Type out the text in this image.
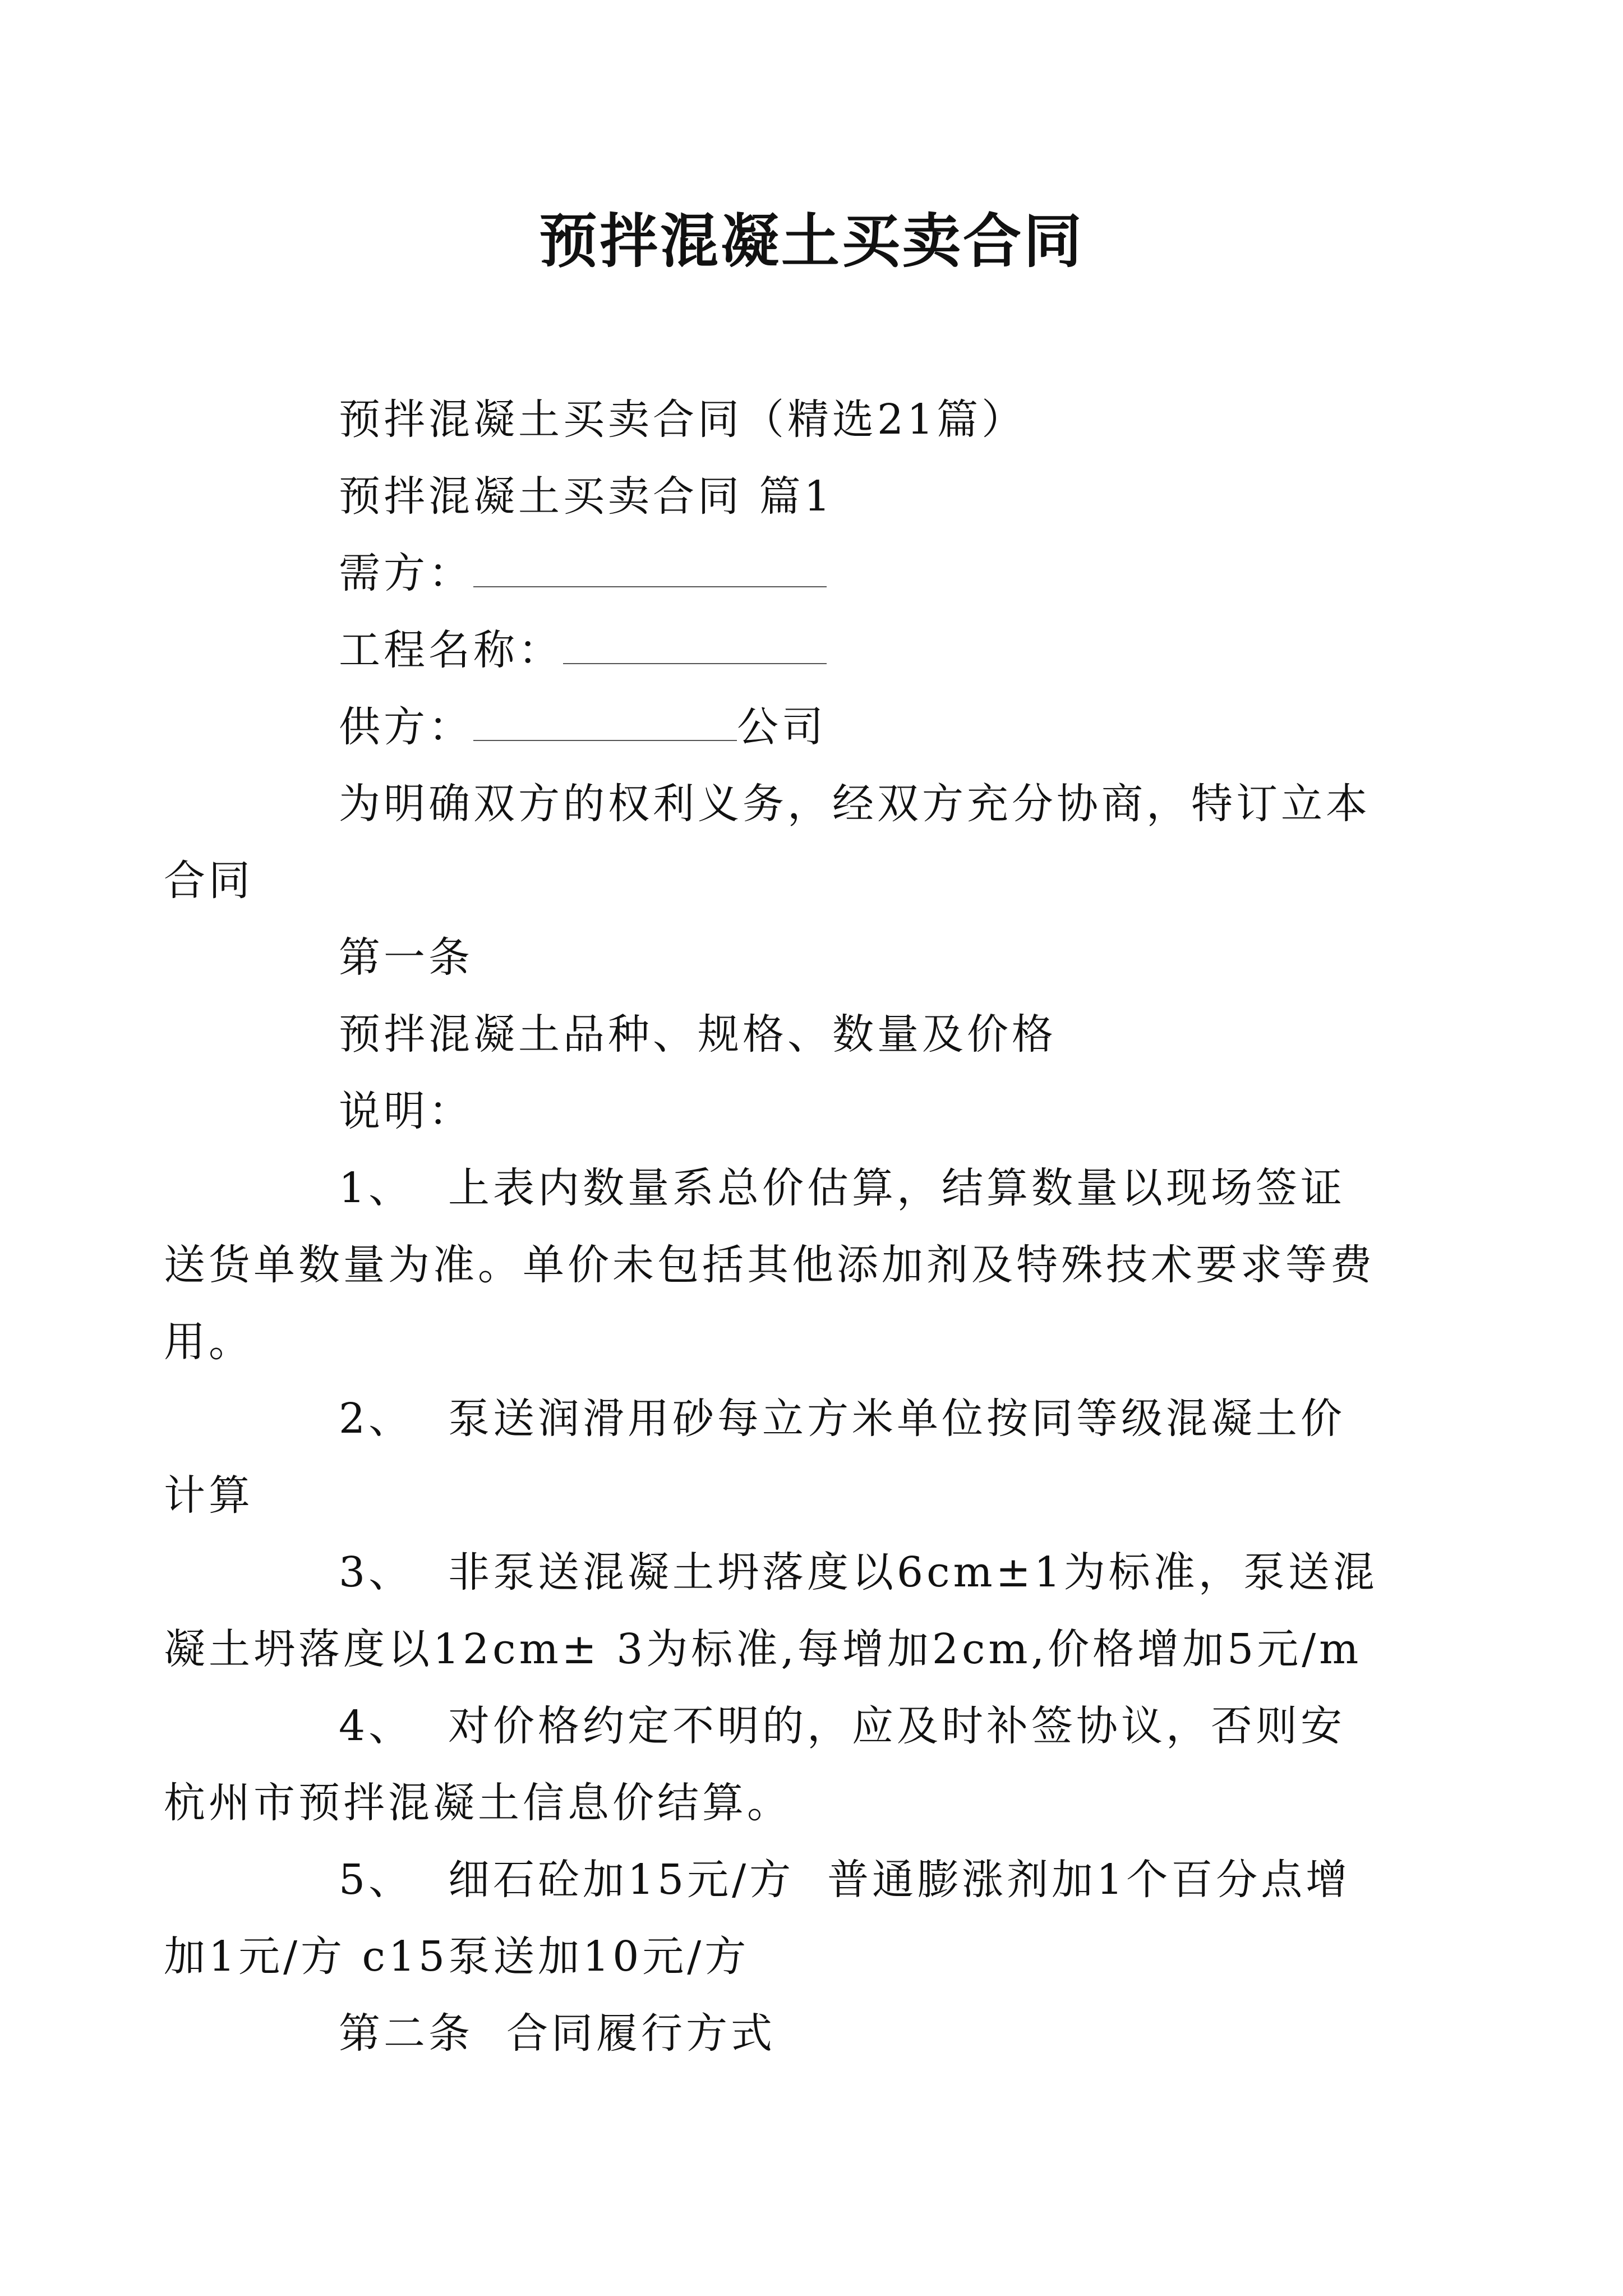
预拌混凝土买卖合同

预拌混凝土买卖合同（精选21篇）

预拌混凝土买卖合同 篇1

需方：

工程名称：

供方：	公司

为明确双方的权利义务，经双方充分协商，特订立本合同

第一条

预拌混凝土品种、规格、数量及价格

说明：

1、 上表内数量系总价估算，结算数量以现场签证送货单数量为准。单价未包括其他添加剂及特殊技术要求等费用。

2、 泵送润滑用砂每立方米单位按同等级混凝土价计算

3、 非泵送混凝土坍落度以6cm±1为标准，泵送混凝土坍落度以12cm± 3为标准,每增加2cm,价格增加5元/m

4、 对价格约定不明的，应及时补签协议，否则安杭州市预拌混凝土信息价结算。

5、 细石砼加15元/方  普通膨涨剂加1个百分点增加1元/方 c15泵送加10元/方

第二条  合同履行方式
